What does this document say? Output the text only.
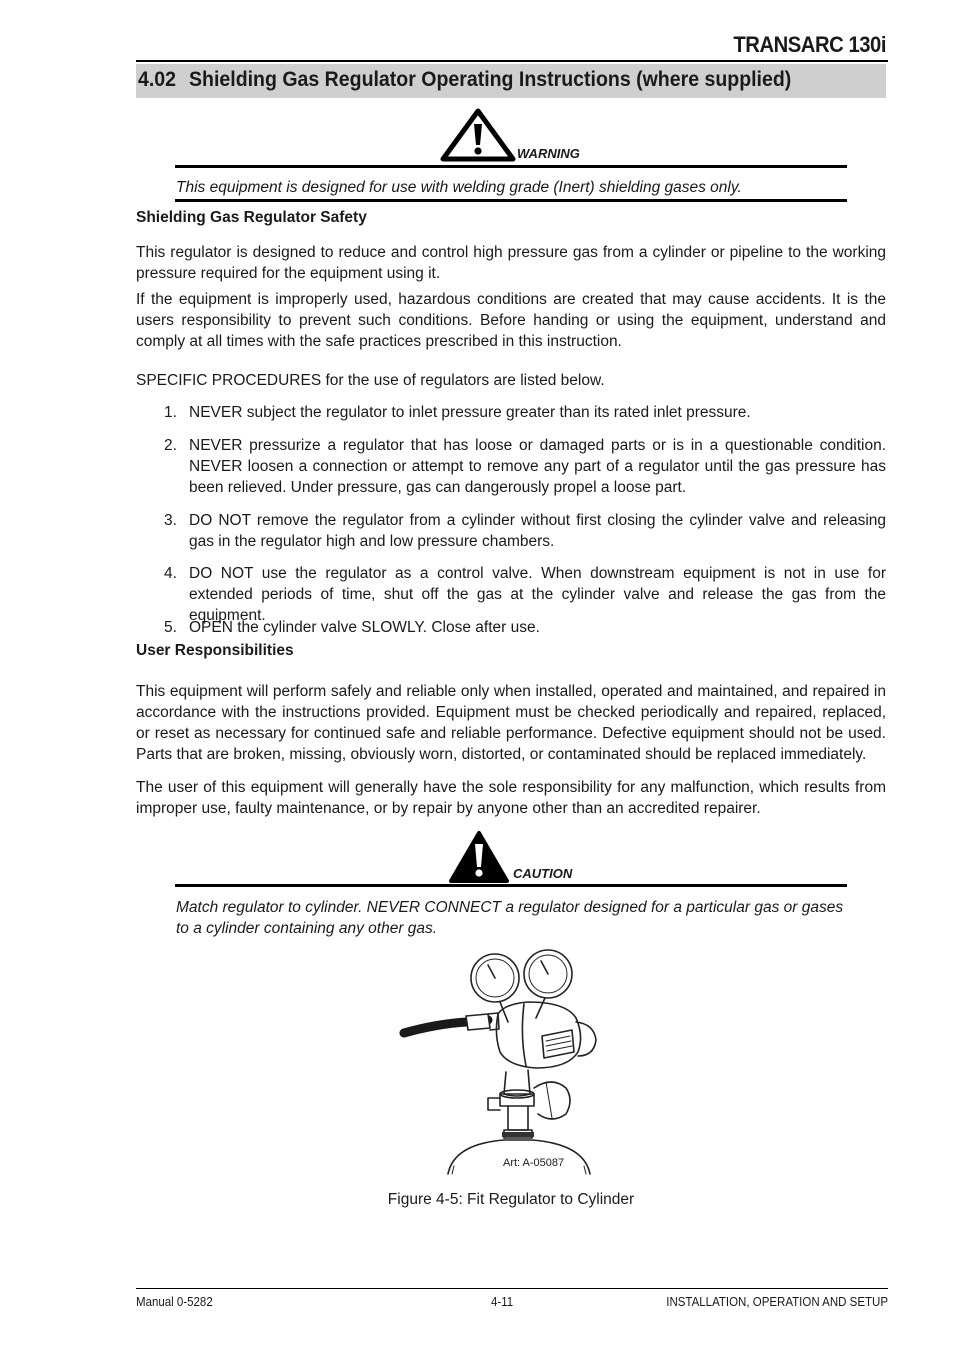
TRANSARC 130i
4.02 Shielding Gas Regulator Operating Instructions (where supplied)
WARNING
This equipment is designed for use with welding grade (Inert) shielding gases only.
Shielding Gas Regulator Safety
This regulator is designed to reduce and control high pressure gas from a cylinder or pipeline to the working pressure required for the equipment using it.
If the equipment is improperly used, hazardous conditions are created that may cause accidents. It is the users responsibility to prevent such conditions. Before handing or using the equipment, understand and comply at all times with the safe practices prescribed in this instruction.
SPECIFIC PROCEDURES for the use of regulators are listed below.
1. NEVER subject the regulator to inlet pressure greater than its rated inlet pressure.
2. NEVER pressurize a regulator that has loose or damaged parts or is in a questionable condition. NEVER loosen a connection or attempt to remove any part of a regulator until the gas pressure has been relieved. Under pressure, gas can dangerously propel a loose part.
3. DO NOT remove the regulator from a cylinder without first closing the cylinder valve and releasing gas in the regulator high and low pressure chambers.
4. DO NOT use the regulator as a control valve. When downstream equipment is not in use for extended periods of time, shut off the gas at the cylinder valve and release the gas from the equipment.
5. OPEN the cylinder valve SLOWLY. Close after use.
User Responsibilities
This equipment will perform safely and reliable only when installed, operated and maintained, and repaired in accordance with the instructions provided. Equipment must be checked periodically and repaired, replaced, or reset as necessary for continued safe and reliable performance. Defective equipment should not be used. Parts that are broken, missing, obviously worn, distorted, or contaminated should be replaced immediately.
The user of this equipment will generally have the sole responsibility for any malfunction, which results from improper use, faulty maintenance, or by repair by anyone other than an accredited repairer.
CAUTION
Match regulator to cylinder. NEVER CONNECT a regulator designed for a particular gas or gases to a cylinder containing any other gas.
Art: A-05087
Figure 4-5: Fit Regulator to Cylinder
Manual 0-5282	4-11	INSTALLATION, OPERATION AND SETUP
